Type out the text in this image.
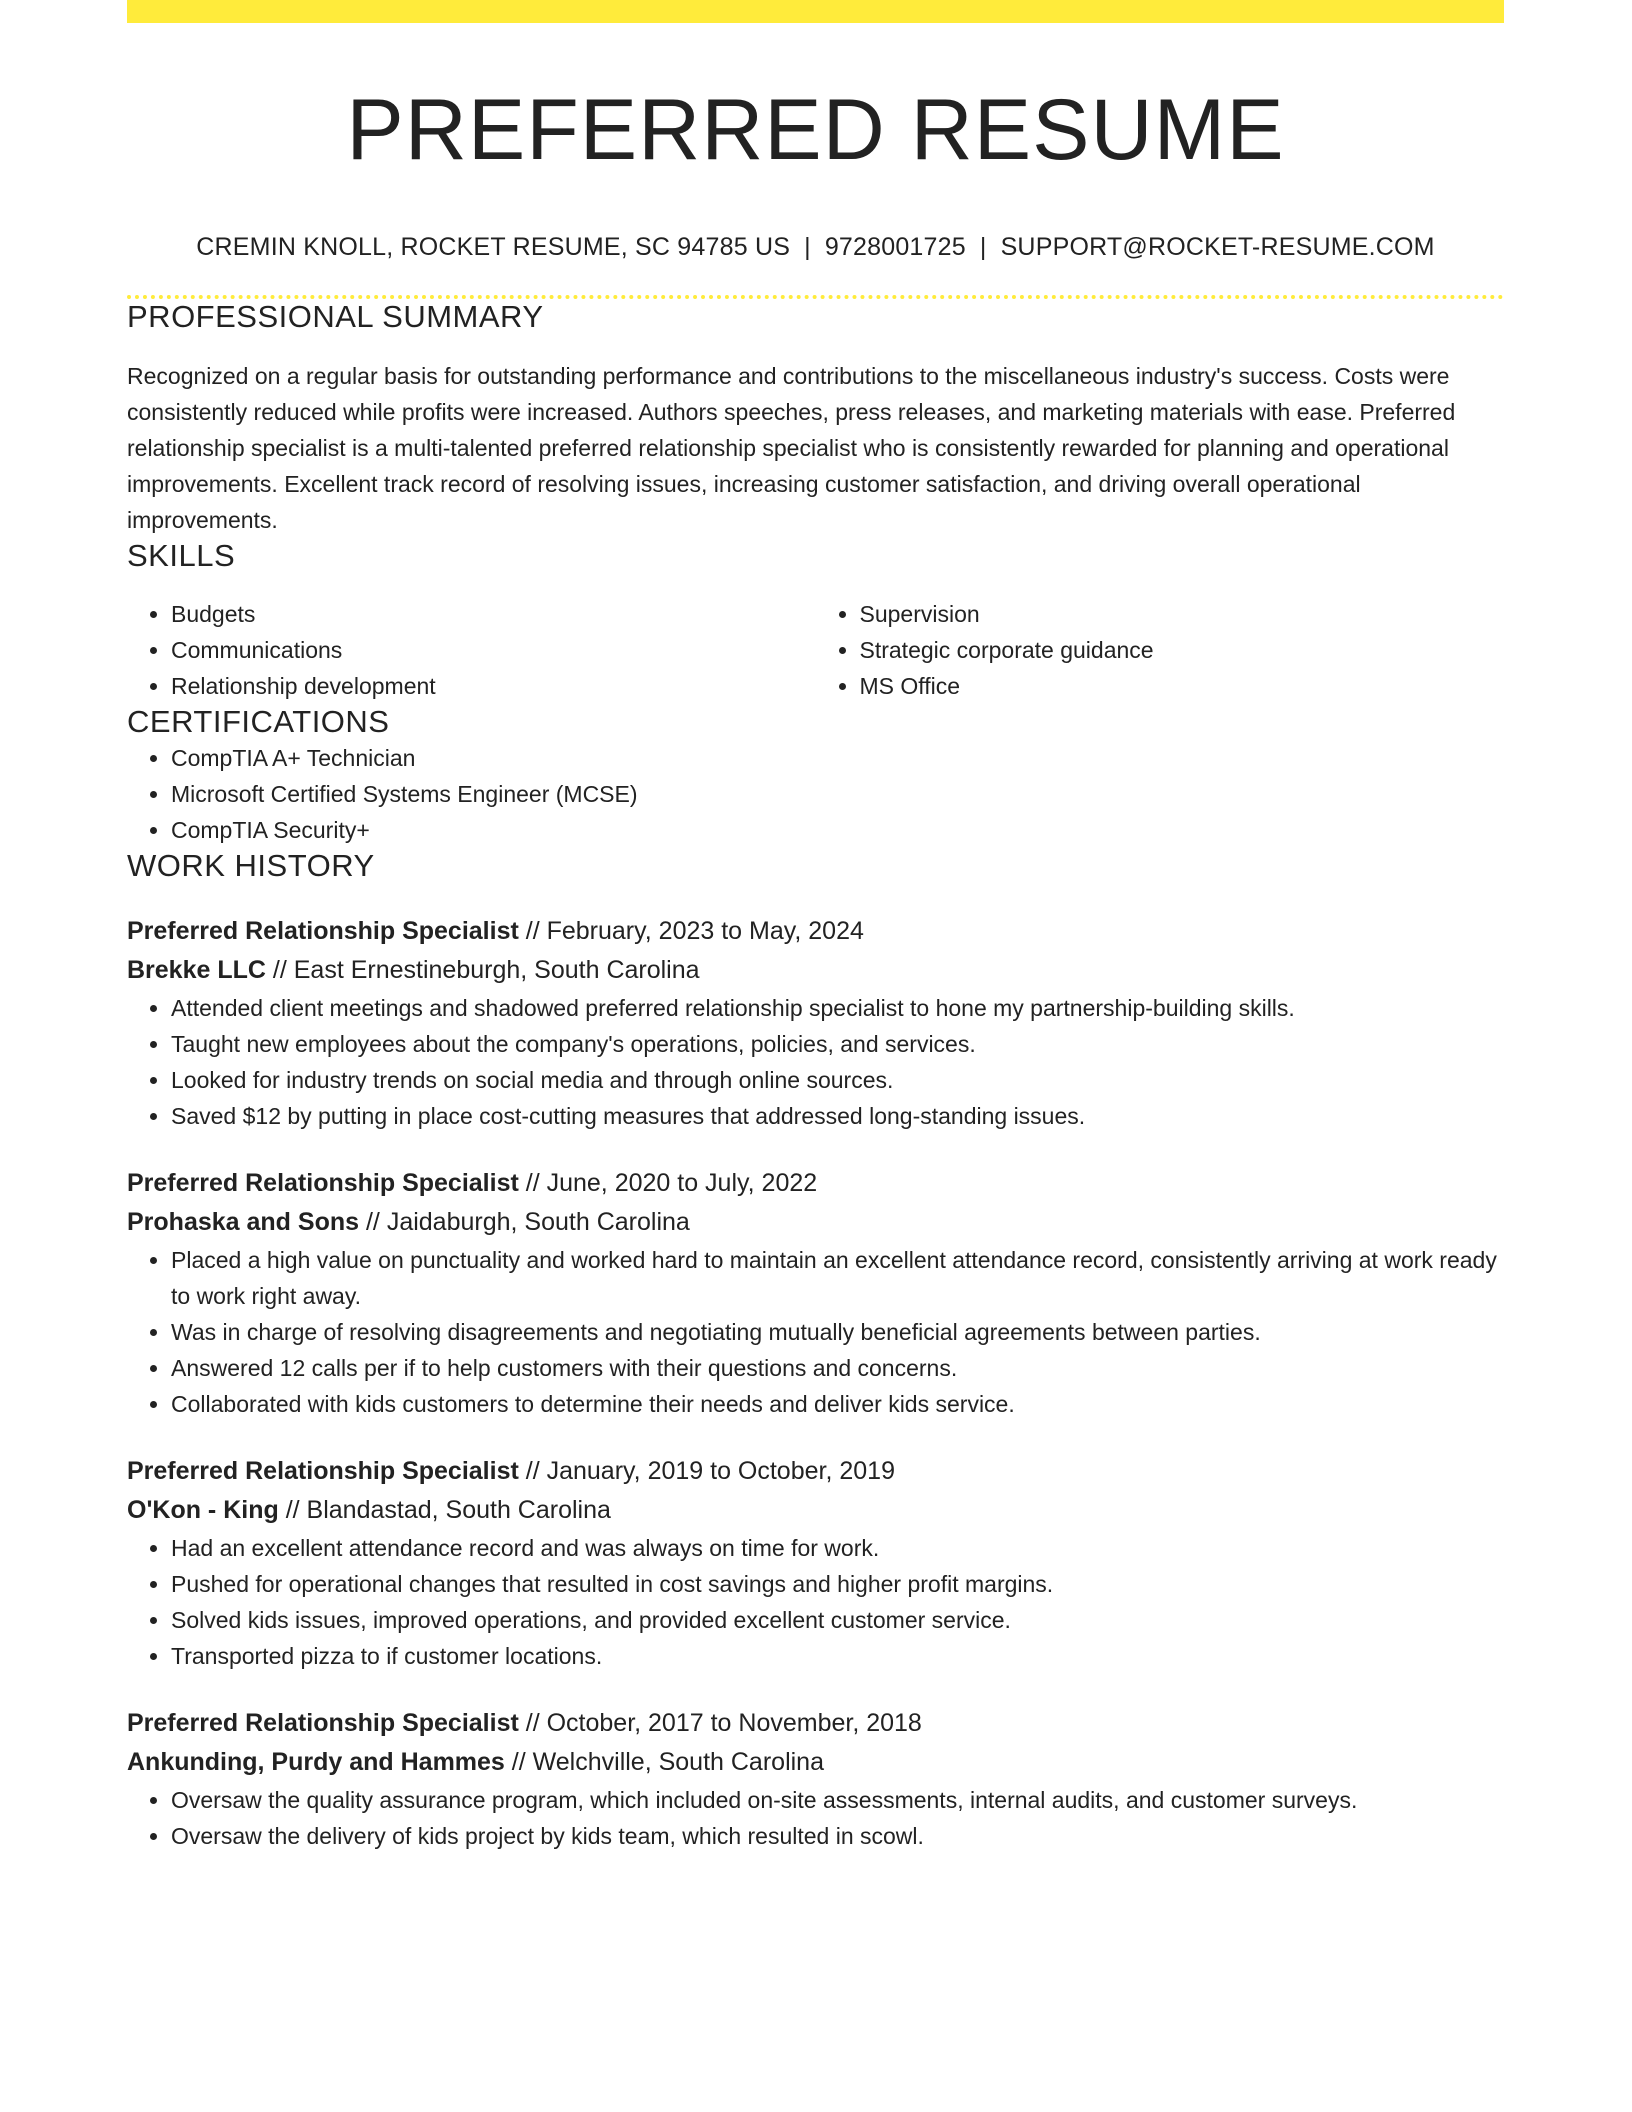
PREFERRED RESUME
CREMIN KNOLL, ROCKET RESUME, SC 94785 US | 9728001725 | SUPPORT@ROCKET-RESUME.COM
PROFESSIONAL SUMMARY
Recognized on a regular basis for outstanding performance and contributions to the miscellaneous industry's success. Costs were consistently reduced while profits were increased. Authors speeches, press releases, and marketing materials with ease. Preferred relationship specialist is a multi-talented preferred relationship specialist who is consistently rewarded for planning and operational improvements. Excellent track record of resolving issues, increasing customer satisfaction, and driving overall operational improvements.
SKILLS
• Budgets
• Communications
• Relationship development
• Supervision
• Strategic corporate guidance
• MS Office
CERTIFICATIONS
• CompTIA A+ Technician
• Microsoft Certified Systems Engineer (MCSE)
• CompTIA Security+
WORK HISTORY
Preferred Relationship Specialist // February, 2023 to May, 2024
Brekke LLC // East Ernestineburgh, South Carolina
• Attended client meetings and shadowed preferred relationship specialist to hone my partnership-building skills.
• Taught new employees about the company's operations, policies, and services.
• Looked for industry trends on social media and through online sources.
• Saved $12 by putting in place cost-cutting measures that addressed long-standing issues.
Preferred Relationship Specialist // June, 2020 to July, 2022
Prohaska and Sons // Jaidaburgh, South Carolina
• Placed a high value on punctuality and worked hard to maintain an excellent attendance record, consistently arriving at work ready to work right away.
• Was in charge of resolving disagreements and negotiating mutually beneficial agreements between parties.
• Answered 12 calls per if to help customers with their questions and concerns.
• Collaborated with kids customers to determine their needs and deliver kids service.
Preferred Relationship Specialist // January, 2019 to October, 2019
O'Kon - King // Blandastad, South Carolina
• Had an excellent attendance record and was always on time for work.
• Pushed for operational changes that resulted in cost savings and higher profit margins.
• Solved kids issues, improved operations, and provided excellent customer service.
• Transported pizza to if customer locations.
Preferred Relationship Specialist // October, 2017 to November, 2018
Ankunding, Purdy and Hammes // Welchville, South Carolina
• Oversaw the quality assurance program, which included on-site assessments, internal audits, and customer surveys.
• Oversaw the delivery of kids project by kids team, which resulted in scowl.
